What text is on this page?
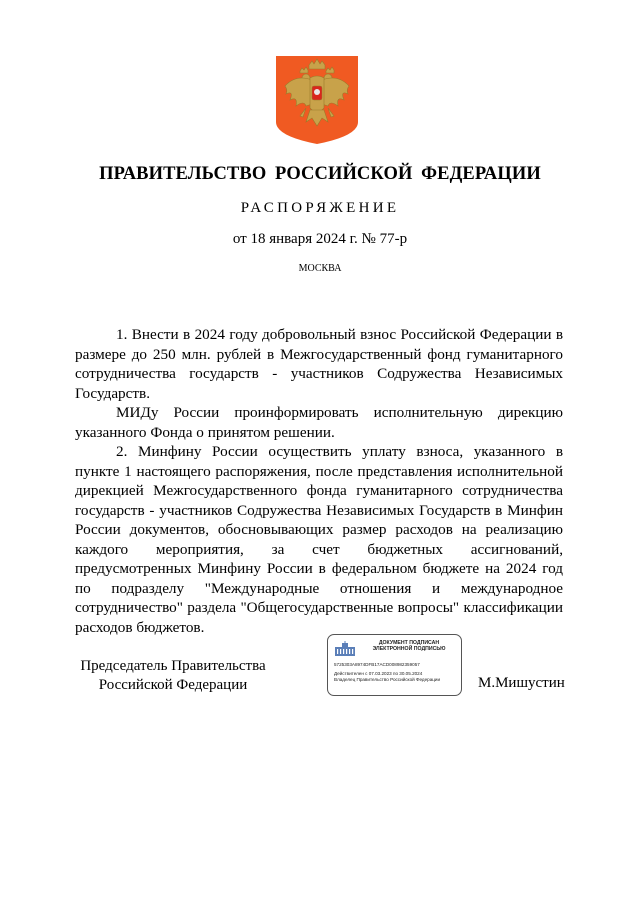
ПРАВИТЕЛЬСТВО РОССИЙСКОЙ ФЕДЕРАЦИИ
РАСПОРЯЖЕНИЕ
от 18 января 2024 г. № 77-р
МОСКВА

1. Внести в 2024 году добровольный взнос Российской Федерации в размере до 250 млн. рублей в Межгосударственный фонд гуманитарного сотрудничества государств - участников Содружества Независимых Государств.

МИДу России проинформировать исполнительную дирекцию указанного Фонда о принятом решении.

2. Минфину России осуществить уплату взноса, указанного в пункте 1 настоящего распоряжения, после представления исполнительной дирекцией Межгосударственного фонда гуманитарного сотрудничества государств - участников Содружества Независимых Государств в Минфин России документов, обосновывающих размер расходов на реализацию каждого мероприятия, за счет бюджетных ассигнований, предусмотренных Минфину России в федеральном бюджете на 2024 год по подразделу "Международные отношения и международное сотрудничество" раздела "Общегосударственные вопросы" классификации расходов бюджетов.

Председатель Правительства
Российской Федерации
ДОКУМЕНТ ПОДПИСАН
ЭЛЕКТРОННОЙ ПОДПИСЬЮ
5725303A8974DFB17ACD008982359057
Действителен с 07.03.2023 по 30.05.2024
Владелец Правительство Российской Федерации	М.Мишустин
